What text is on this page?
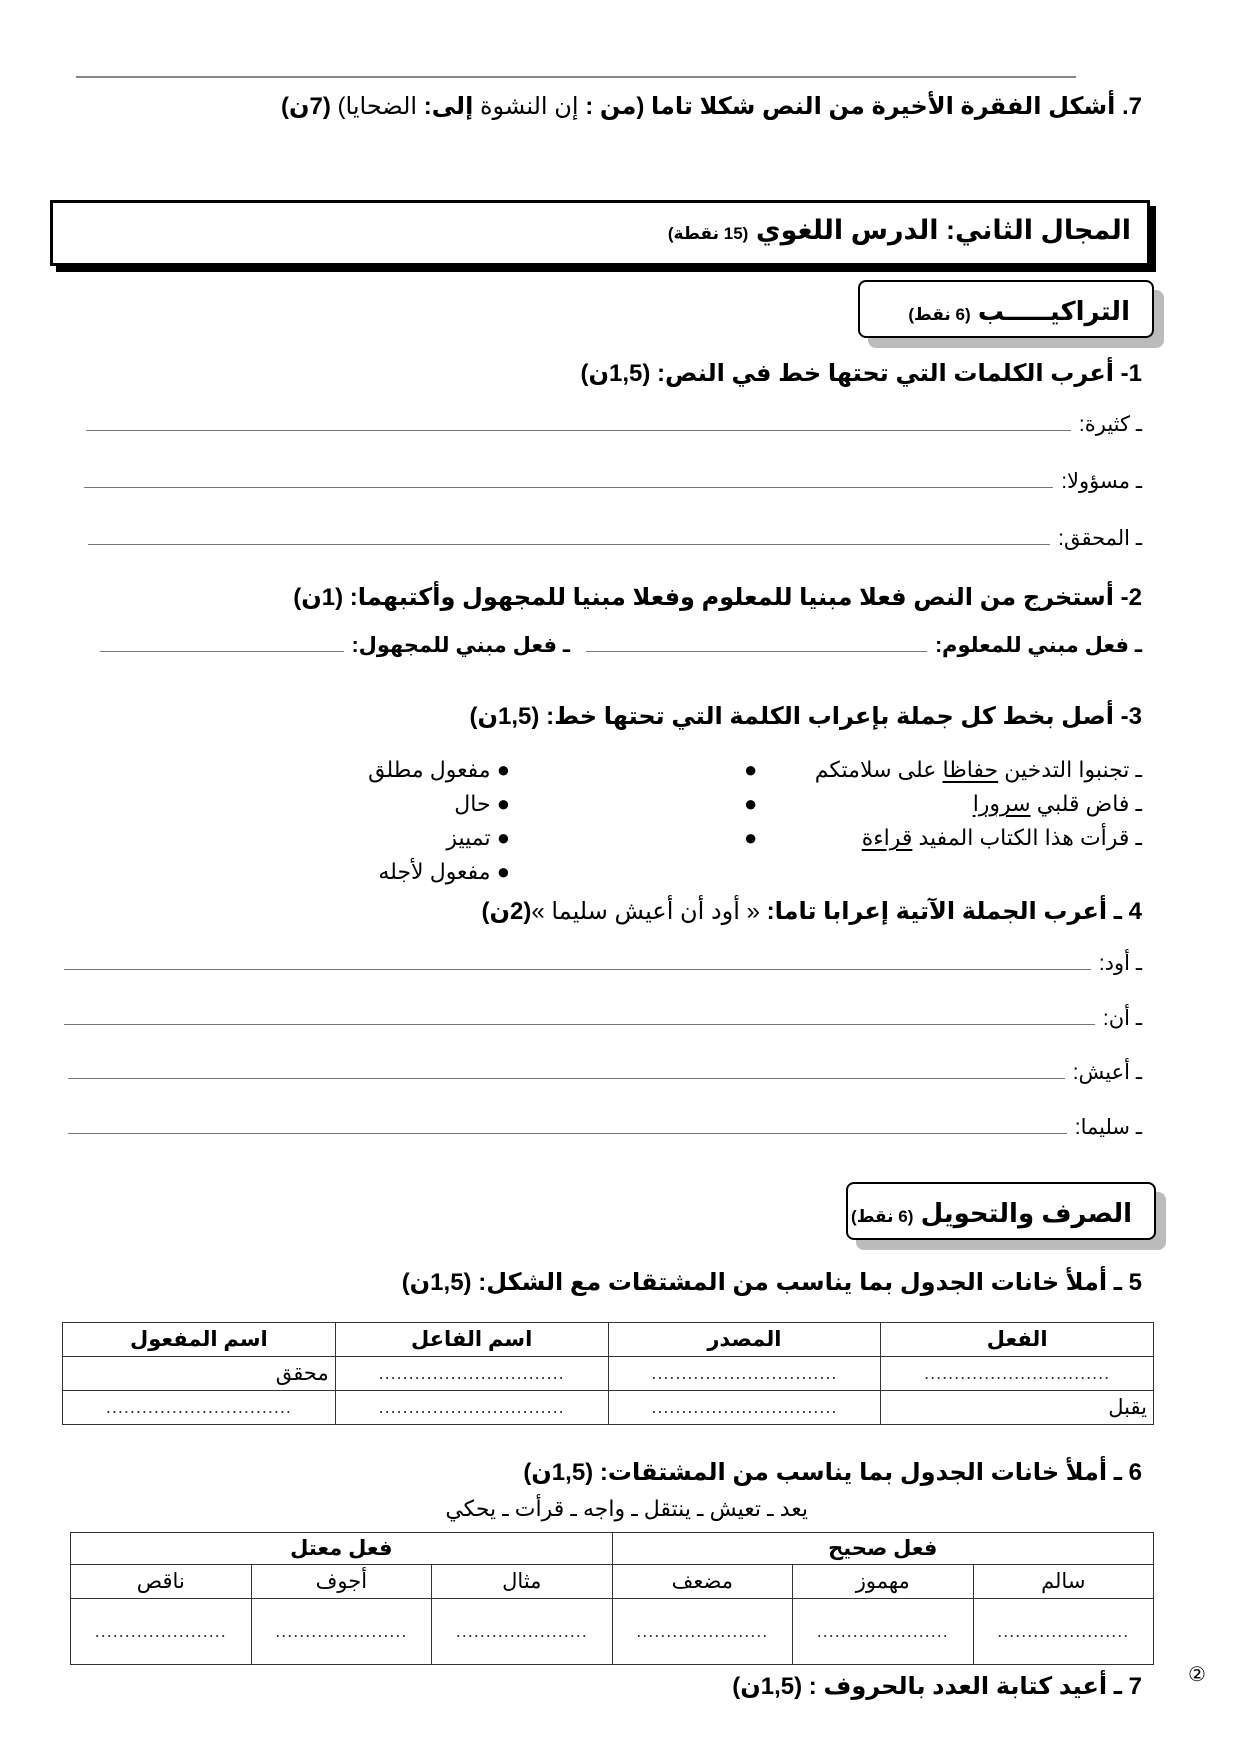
7. أشكل الفقرة الأخيرة من النص شكلا تاما (من : إن النشوة إلى: الضحايا) (7ن)
المجال الثاني: الدرس اللغوي (15 نقطة)
التراكيـــــب (6 نقط)
1- أعرب الكلمات التي تحتها خط في النص: (1,5ن)
ـ كثيرة:
ـ مسؤولا:
ـ المحقق:
2- أستخرج من النص فعلا مبنيا للمعلوم وفعلا مبنيا للمجهول وأكتبهما: (1ن)
ـ فعل مبني للمعلوم:
ـ فعل مبني للمجهول:
3- أصل بخط كل جملة بإعراب الكلمة التي تحتها خط: (1,5ن)
ـ تجنبوا التدخين حفاظا على سلامتكم
ـ فاض قلبي سرورا
ـ قرأت هذا الكتاب المفيد قراءة
●
●
●
● مفعول مطلق
● حال
● تمييز
● مفعول لأجله
4 ـ أعرب الجملة الآتية إعرابا تاما: « أود أن أعيش سليما »(2ن)
ـ أود:
ـ أن:
ـ أعيش:
ـ سليما:
الصرف والتحويل (6 نقط)
5 ـ أملأ خانات الجدول بما يناسب من المشتقات مع الشكل: (1,5ن)
الفعل	المصدر	اسم الفاعل	اسم المفعول
...............................	...............................	...............................	محقق
يقبل	...............................	...............................	...............................
6 ـ أملأ خانات الجدول بما يناسب من المشتقات: (1,5ن)
يعد ـ تعيش ـ ينتقل ـ واجه ـ قرأت ـ يحكي
فعل صحيح			فعل معتل		
سالم	مهموز	مضعف	مثال	أجوف	ناقص
......................	......................	......................	......................	......................	......................
7 ـ أعيد كتابة العدد بالحروف : (1,5ن)	②
